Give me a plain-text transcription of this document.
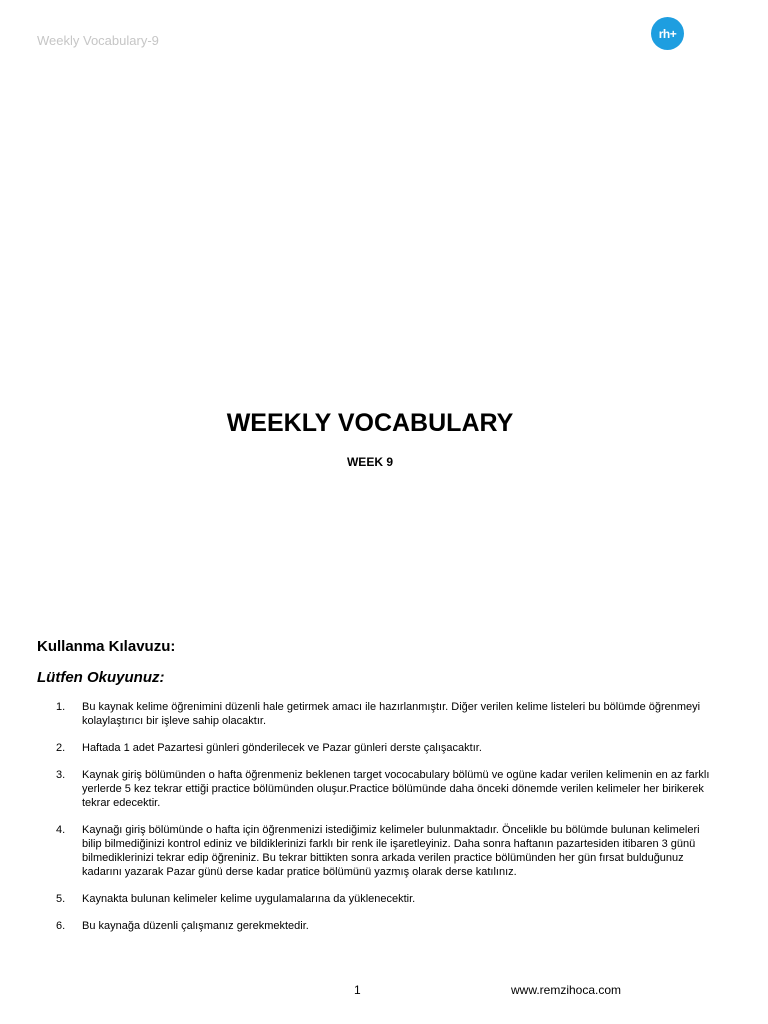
Weekly Vocabulary-9	rh+
WEEKLY VOCABULARY
WEEK 9
Kullanma Kılavuzu:
Lütfen Okuyunuz:
1.	Bu kaynak kelime öğrenimini düzenli hale getirmek amacı ile hazırlanmıştır. Diğer verilen kelime listeleri bu bölümde öğrenmeyi kolaylaştırıcı bir işleve sahip olacaktır.
2.	Haftada 1 adet Pazartesi günleri gönderilecek ve Pazar günleri derste çalışacaktır.
3.	Kaynak giriş bölümünden o hafta öğrenmeniz beklenen target vococabulary bölümü ve ogüne kadar verilen kelimenin en az farklı yerlerde 5 kez tekrar ettiği practice bölümünden oluşur.Practice bölümünde daha önceki dönemde verilen kelimeler her birikerek tekrar edecektir.
4.	Kaynağı giriş bölümünde o hafta için öğrenmenizi istediğimiz kelimeler bulunmaktadır. Öncelikle bu bölümde bulunan kelimeleri bilip bilmediğinizi kontrol ediniz ve bildiklerinizi farklı bir renk ile işaretleyiniz. Daha sonra haftanın pazartesiden itibaren 3 günü bilmediklerinizi tekrar edip öğreniniz. Bu tekrar bittikten sonra arkada verilen practice bölümünden her gün fırsat bulduğunuz kadarını yazarak Pazar günü derse kadar pratice bölümünü yazmış olarak derse katılınız.
5.	Kaynakta bulunan kelimeler kelime uygulamalarına da yüklenecektir.
6.	Bu kaynağa düzenli çalışmanız gerekmektedir.
1	www.remzihoca.com
